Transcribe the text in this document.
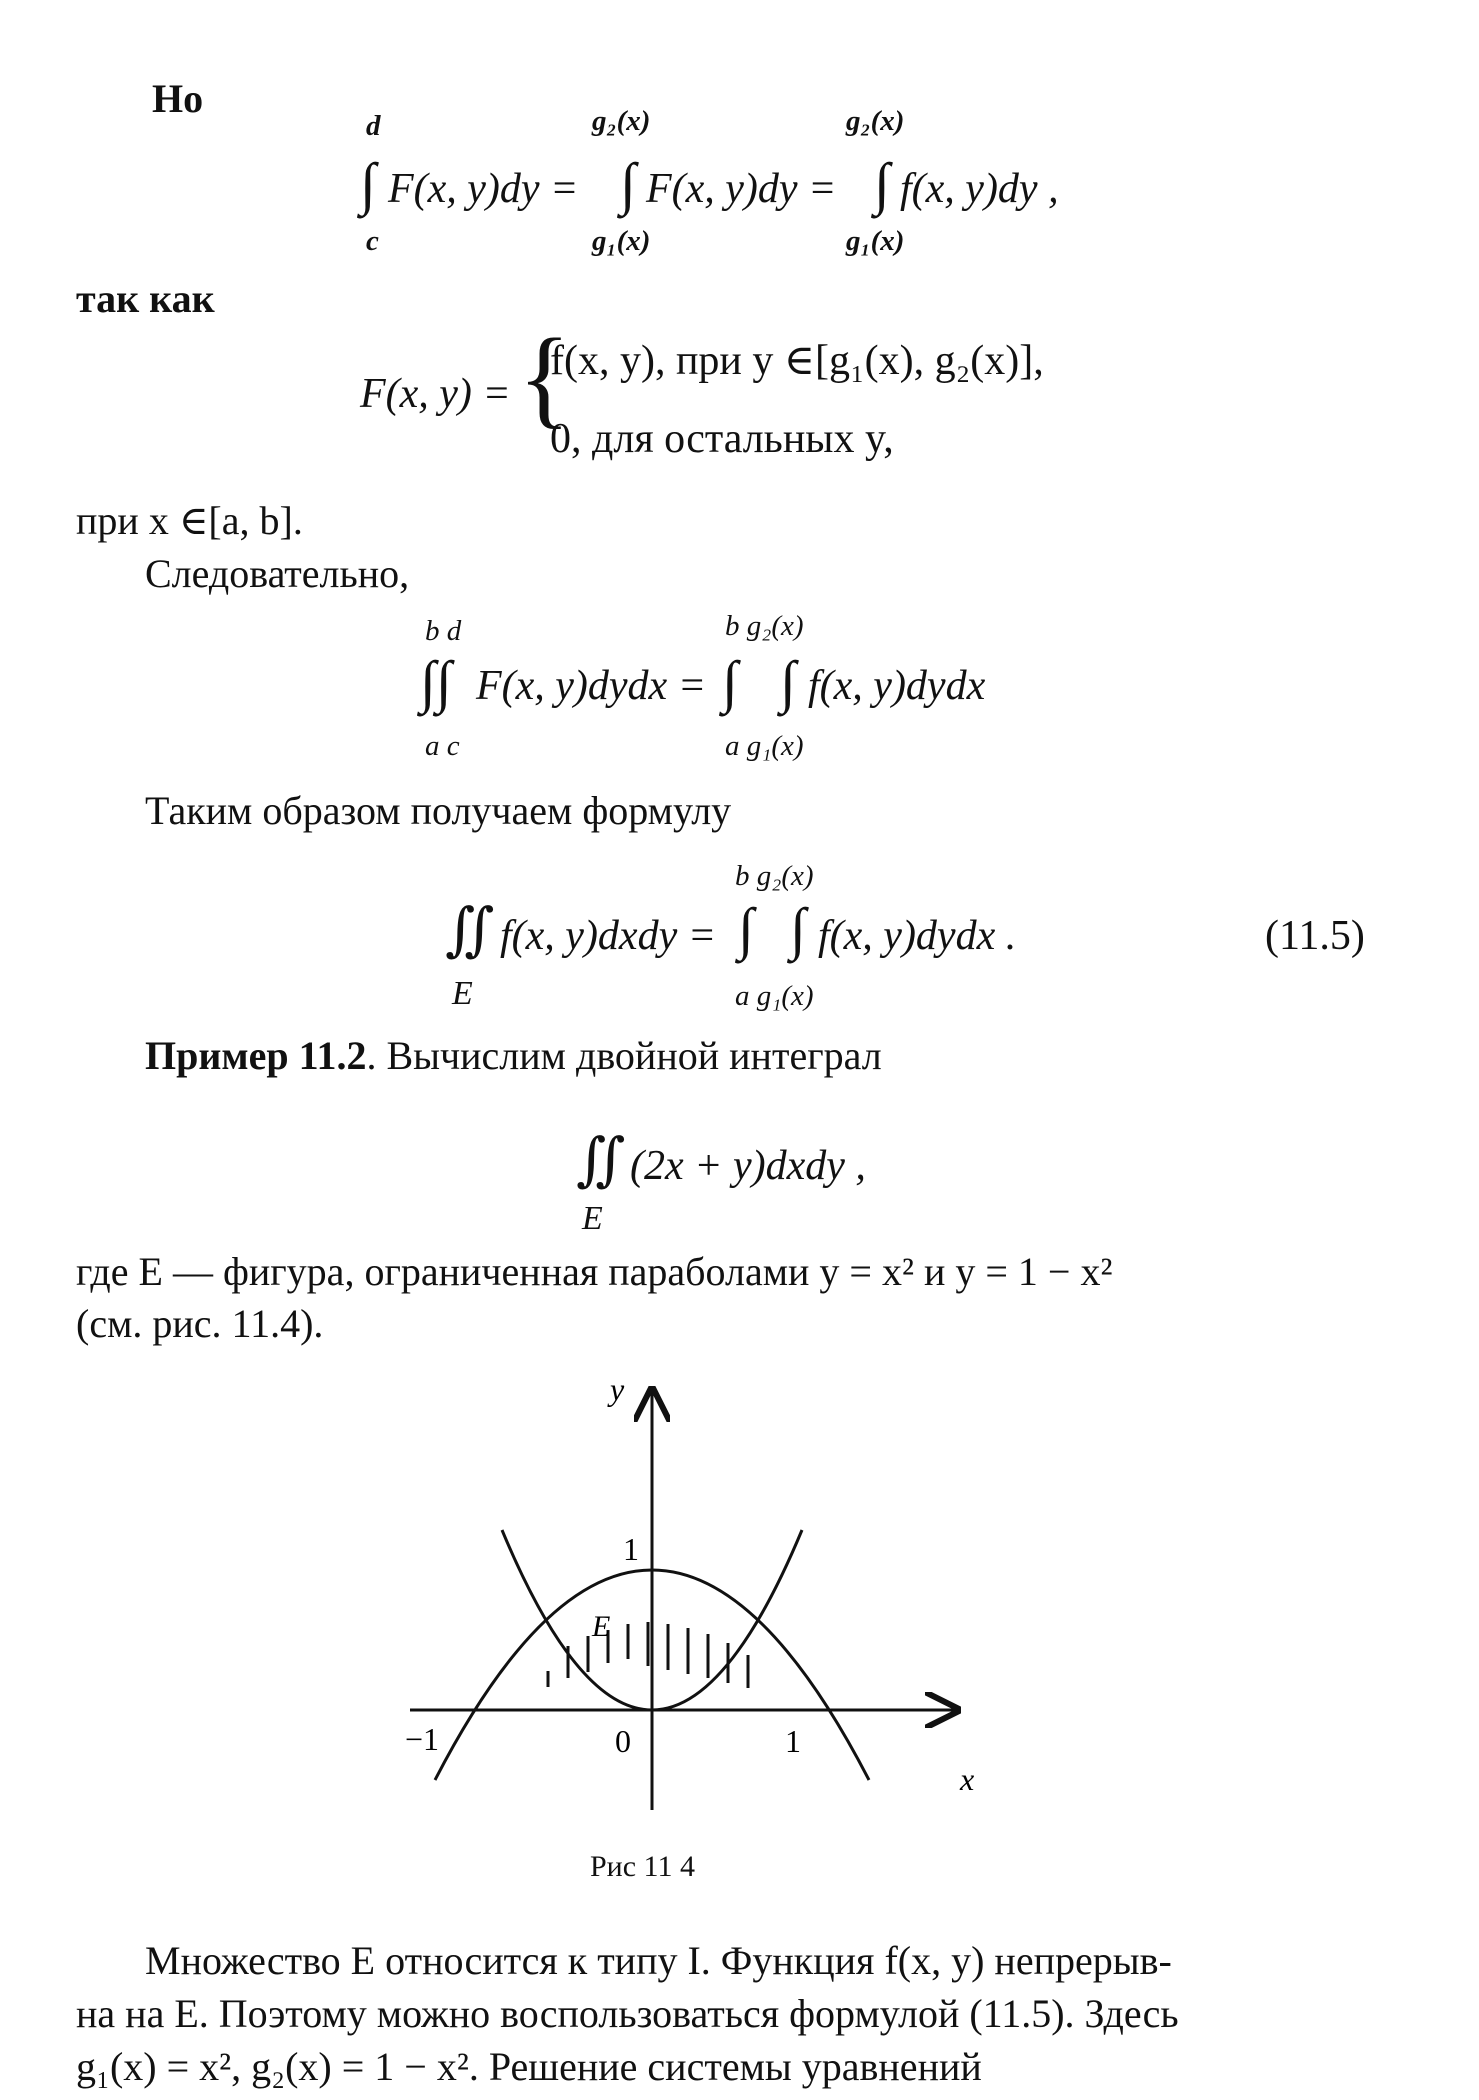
Но
d
∫
c
F(x, y)dy =
g₂(x)
∫
g₁(x)
F(x, y)dy =
g₂(x)
∫
g₁(x)
f(x, y)dy ,
так как
F(x, y) = {
f(x, y), при y ∈[g₁(x), g₂(x)],
0, для остальных y,
при x ∈[a, b].
Следовательно,
b d
∫∫
a c
F(x, y)dydx =
b g₂(x)
∫ ∫
a g₁(x)
f(x, y)dydx
Таким образом получаем формулу
∬
E
f(x, y)dxdy =
b g₂(x)
∫ ∫
a g₁(x)
f(x, y)dydx .	(11.5)
Пример 11.2. Вычислим двойной интеграл
∬
E
(2x + y)dxdy ,
где E — фигура, ограниченная параболами y = x² и y = 1 − x²
(см. рис. 11.4).
y
x
1
−1	0	1
E
Рис 11 4
Множество E относится к типу I. Функция f(x, y) непрерыв-
на на E. Поэтому можно воспользоваться формулой (11.5). Здесь
g₁(x) = x², g₂(x) = 1 − x². Решение системы уравнений
